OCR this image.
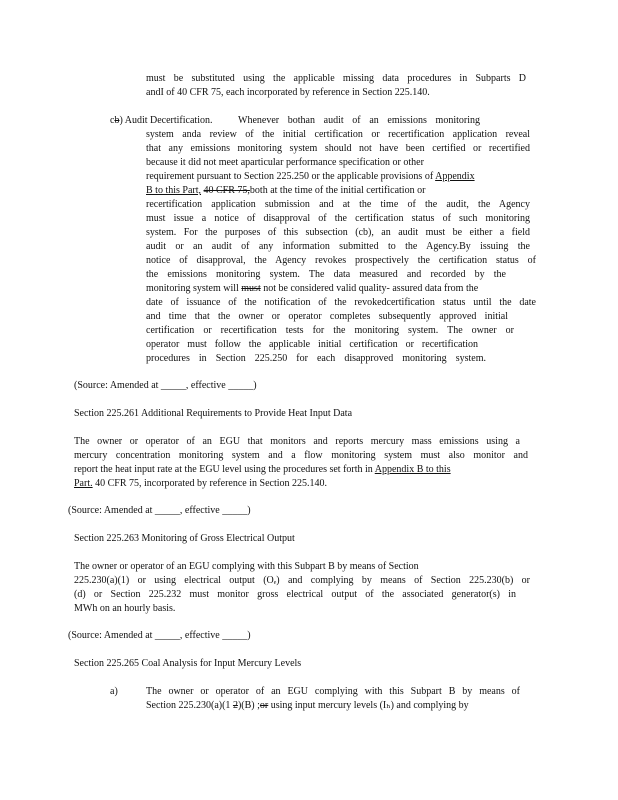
must be substituted using the applicable missing data procedures in Subparts D
andI of 40 CFR 75, each incorporated by reference in Section 225.140.
cb) Audit Decertification.	Whenever bothan audit of an emissions monitoring
system anda review of the initial certification or recertification application reveal
that any emissions monitoring system should not have been certified or recertified
because it did not meet aparticular performance specification or other
requirement pursuant to Section 225.250 or the applicable provisions of Appendix
B to this Part, 40 CFR 75,both at the time of the initial certification or
recertification application submission and at the time of the audit, the Agency
must issue a notice of disapproval of the certification status of such monitoring
system. For the purposes of this subsection (cb), an audit must be either a field
audit or an audit of any information submitted to the Agency.By issuing the
notice of disapproval, the Agency revokes prospectively the certification status of
the emissions monitoring system. The data measured and recorded by the
monitoring system will must not be considered valid quality- assured data from the
date of issuance of the notification of the revokedcertification status until the date
and time that the owner or operator completes subsequently approved initial
certification or recertification tests for the monitoring system. The owner or
operator must follow the applicable initial certification or recertification
procedures in Section 225.250 for each disapproved monitoring system.
(Source: Amended at _____, effective _____)
Section 225.261 Additional Requirements to Provide Heat Input Data
The owner or operator of an EGU that monitors and reports mercury mass emissions using a
mercury concentration monitoring system and a flow monitoring system must also monitor and
report the heat input rate at the EGU level using the procedures set forth in Appendix B to this
Part. 40 CFR 75, incorporated by reference in Section 225.140.
(Source: Amended at _____, effective _____)
Section 225.263 Monitoring of Gross Electrical Output
The owner or operator of an EGU complying with this Subpart B by means of Section
225.230(a)(1) or using electrical output (Oₑ) and complying by means of Section 225.230(b) or
(d) or Section 225.232 must monitor gross electrical output of the associated generator(s) in
MWh on an hourly basis.
(Source: Amended at _____, effective _____)
Section 225.265 Coal Analysis for Input Mercury Levels
a)	The owner or operator of an EGU complying with this Subpart B by means of
Section 225.230(a)(1 2)(B) ;or using input mercury levels (Iₕ) and complying by
